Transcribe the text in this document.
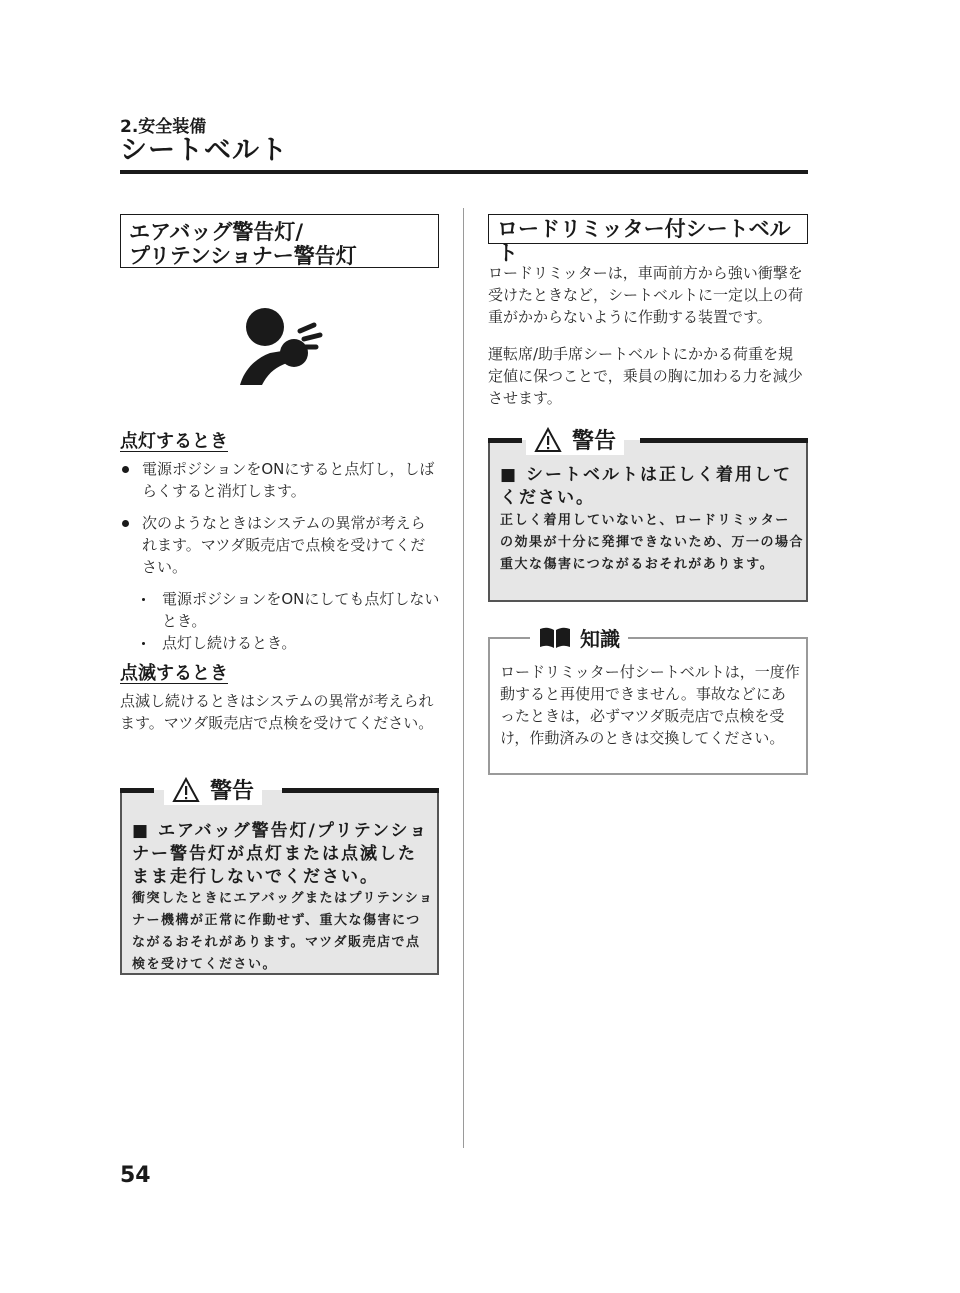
2.安全装備
シートベルト
エアバッグ警告灯/
プリテンショナー警告灯
点灯するとき
電源ポジションをONにすると点灯し，しばらくすると消灯します。
次のようなときはシステムの異常が考えられます。マツダ販売店で点検を受けてください。
電源ポジションをONにしても点灯しないとき。
点灯し続けるとき。
点滅するとき
点滅し続けるときはシステムの異常が考えられます。マツダ販売店で点検を受けてください。
警告
■ エアバッグ警告灯/プリテンショナー警告灯が点灯または点滅したまま走行しないでください。
衝突したときにエアバッグまたはプリテンショナー機構が正常に作動せず、重大な傷害につながるおそれがあります。マツダ販売店で点検を受けてください。
ロードリミッター付シートベルト
ロードリミッターは，車両前方から強い衝撃を受けたときなど，シートベルトに一定以上の荷重がかからないように作動する装置です。
運転席/助手席シートベルトにかかる荷重を規定値に保つことで，乗員の胸に加わる力を減少させます。
警告
■ シートベルトは正しく着用してください。
正しく着用していないと、ロードリミッターの効果が十分に発揮できないため、万一の場合重大な傷害につながるおそれがあります。
知識
ロードリミッター付シートベルトは，一度作動すると再使用できません。事故などにあったときは，必ずマツダ販売店で点検を受け，作動済みのときは交換してください。
54
